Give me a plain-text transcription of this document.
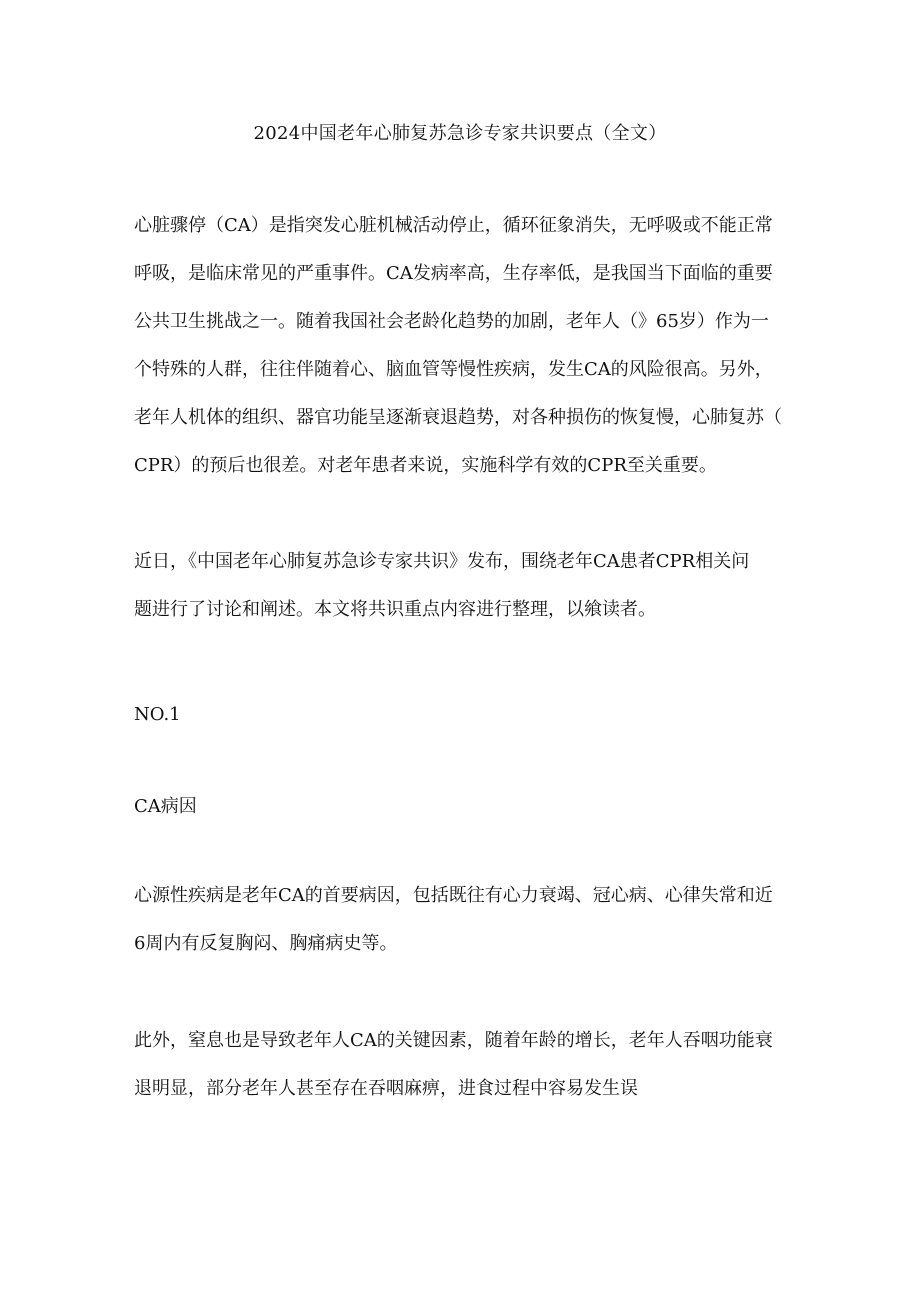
2024中国老年心肺复苏急诊专家共识要点（全文）

心脏骤停（CA）是指突发心脏机械活动停止，循环征象消失，无呼吸或不能正常
呼吸，是临床常见的严重事件。CA发病率高，生存率低，是我国当下面临的重要
公共卫生挑战之一。随着我国社会老龄化趋势的加剧，老年人（》65岁）作为一
个特殊的人群，往往伴随着心、脑血管等慢性疾病，发生CA的风险很高。另外，
老年人机体的组织、器官功能呈逐渐衰退趋势，对各种损伤的恢复慢，心肺复苏（
CPR）的预后也很差。对老年患者来说，实施科学有效的CPR至关重要。

近日，《中国老年心肺复苏急诊专家共识》发布，围绕老年CA患者CPR相关问
题进行了讨论和阐述。本文将共识重点内容进行整理，以飨读者。

NO.1
CA病因

心源性疾病是老年CA的首要病因，包括既往有心力衰竭、冠心病、心律失常和近
6周内有反复胸闷、胸痛病史等。

此外，窒息也是导致老年人CA的关键因素，随着年龄的增长，老年人吞咽功能衰
退明显，部分老年人甚至存在吞咽麻痹，进食过程中容易发生误
